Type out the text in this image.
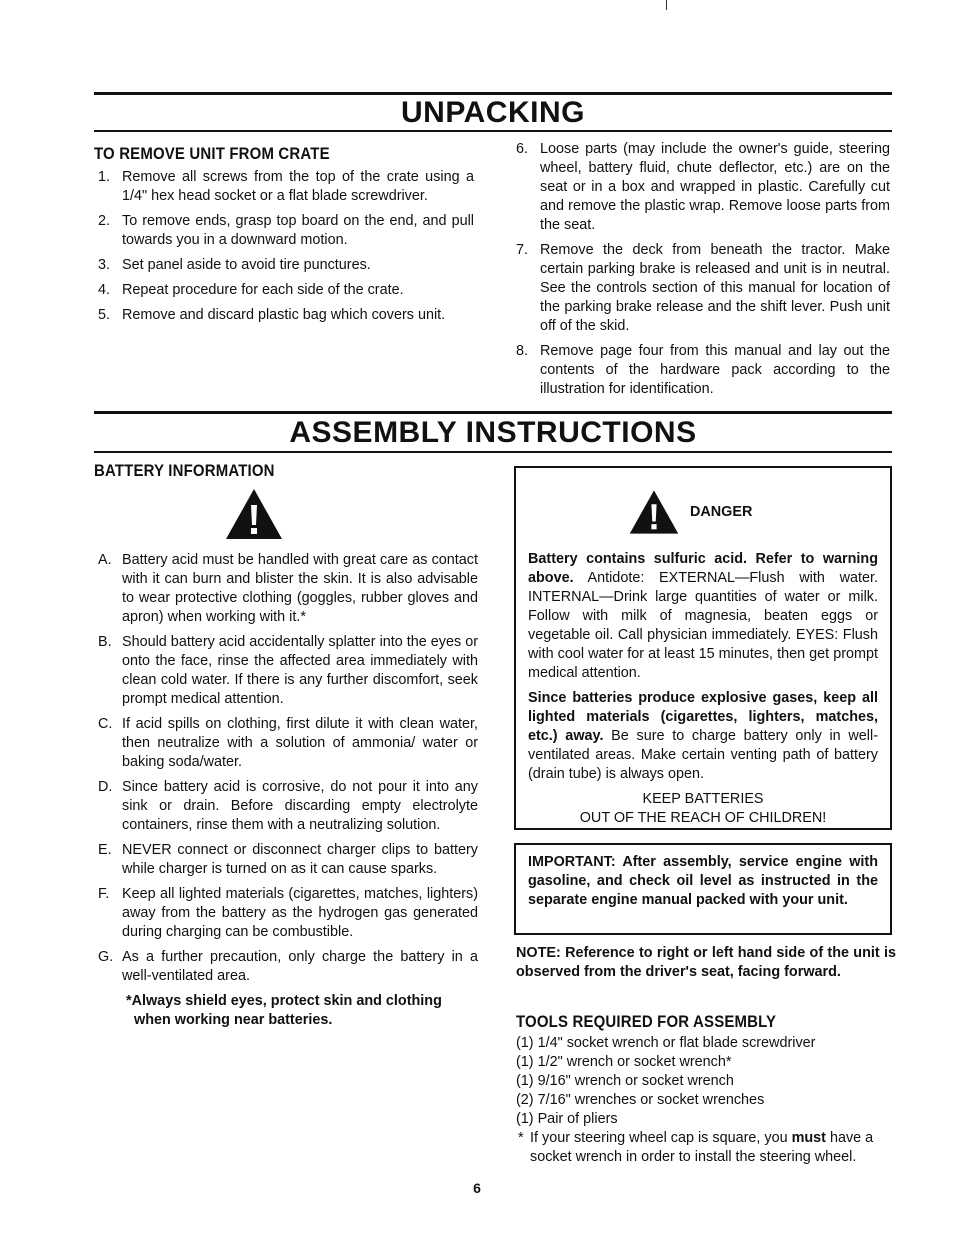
UNPACKING
TO REMOVE UNIT FROM CRATE
1. Remove all screws from the top of the crate using a 1/4" hex head socket or a flat blade screwdriver.
2. To remove ends, grasp top board on the end, and pull towards you in a downward motion.
3. Set panel aside to avoid tire punctures.
4. Repeat procedure for each side of the crate.
5. Remove and discard plastic bag which covers unit.
6. Loose parts (may include the owner's guide, steering wheel, battery fluid, chute deflector, etc.) are on the seat or in a box and wrapped in plastic. Carefully cut and remove the plastic wrap. Remove loose parts from the seat.
7. Remove the deck from beneath the tractor. Make certain parking brake is released and unit is in neutral. See the controls section of this manual for location of the parking brake release and the shift lever. Push unit off of the skid.
8. Remove page four from this manual and lay out the contents of the hardware pack according to the illustration for identification.
ASSEMBLY INSTRUCTIONS
BATTERY INFORMATION
A. Battery acid must be handled with great care as contact with it can burn and blister the skin. It is also advisable to wear protective clothing (goggles, rubber gloves and apron) when working with it.*
B. Should battery acid accidentally splatter into the eyes or onto the face, rinse the affected area immediately with clean cold water. If there is any further discomfort, seek prompt medical attention.
C. If acid spills on clothing, first dilute it with clean water, then neutralize with a solution of ammonia/ water or baking soda/water.
D. Since battery acid is corrosive, do not pour it into any sink or drain. Before discarding empty electrolyte containers, rinse them with a neutralizing solution.
E. NEVER connect or disconnect charger clips to battery while charger is turned on as it can cause sparks.
F. Keep all lighted materials (cigarettes, matches, lighters) away from the battery as the hydrogen gas generated during charging can be combustible.
G. As a further precaution, only charge the battery in a well-ventilated area.
*Always shield eyes, protect skin and clothing when working near batteries.
DANGER

Battery contains sulfuric acid. Refer to warning above. Antidote: EXTERNAL—Flush with water. INTERNAL—Drink large quantities of water or milk. Follow with milk of magnesia, beaten eggs or vegetable oil. Call physician immediately. EYES: Flush with cool water for at least 15 minutes, then get prompt medical attention.

Since batteries produce explosive gases, keep all lighted materials (cigarettes, lighters, matches, etc.) away. Be sure to charge battery only in well-ventilated areas. Make certain venting path of battery (drain tube) is always open.

KEEP BATTERIES

OUT OF THE REACH OF CHILDREN!

IMPORTANT: After assembly, service engine with gasoline, and check oil level as instructed in the separate engine manual packed with your unit.
NOTE: Reference to right or left hand side of the unit is observed from the driver's seat, facing forward.
TOOLS REQUIRED FOR ASSEMBLY
(1) 1/4" socket wrench or flat blade screwdriver
(1) 1/2" wrench or socket wrench*
(1) 9/16" wrench or socket wrench
(2) 7/16" wrenches or socket wrenches
(1) Pair of pliers
* If your steering wheel cap is square, you must have a socket wrench in order to install the steering wheel.
6
